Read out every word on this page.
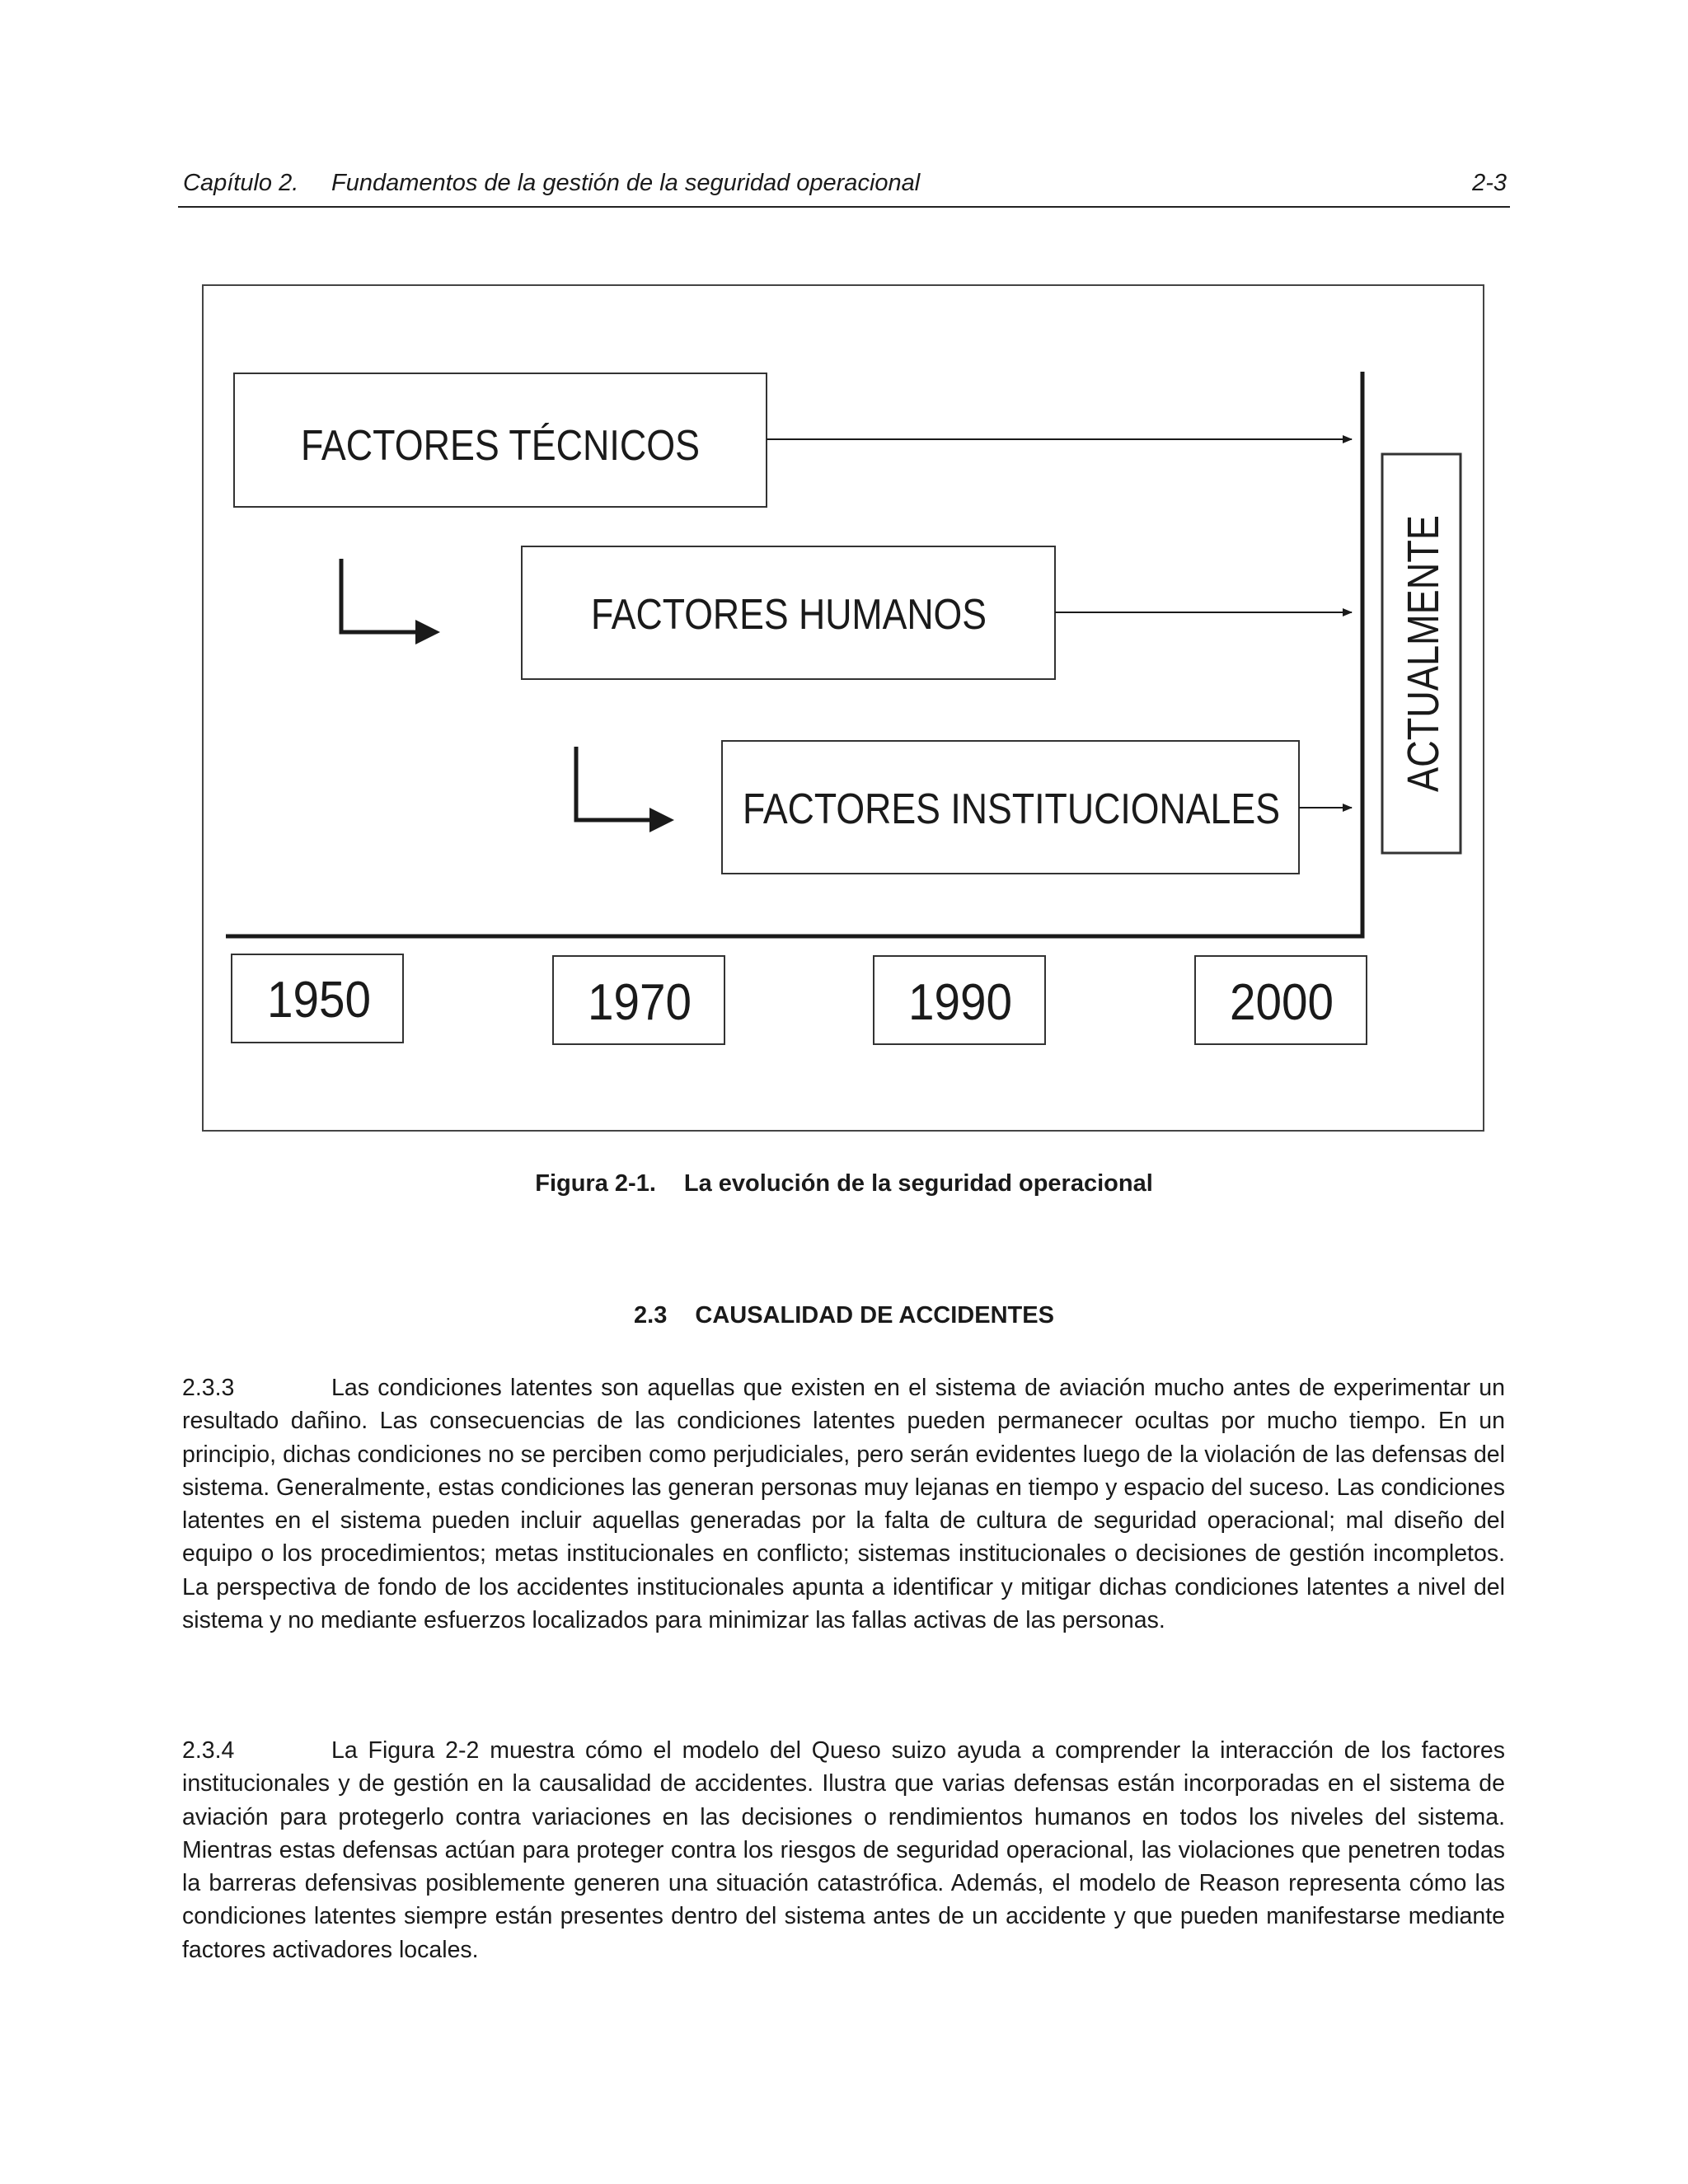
Capítulo 2. Fundamentos de la gestión de la seguridad operacional	2-3
FACTORES TÉCNICOS
FACTORES HUMANOS
FACTORES INSTITUCIONALES
ACTUALMENTE
1950	1970	1990	2000
Figura 2-1. La evolución de la seguridad operacional
2.3 CAUSALIDAD DE ACCIDENTES
2.3.3	Las condiciones latentes son aquellas que existen en el sistema de aviación mucho antes de experimentar un resultado dañino. Las consecuencias de las condiciones latentes pueden permanecer ocultas por mucho tiempo. En un principio, dichas condiciones no se perciben como perjudiciales, pero serán evidentes luego de la violación de las defensas del sistema. Generalmente, estas condiciones las generan personas muy lejanas en tiempo y espacio del suceso. Las condiciones latentes en el sistema pueden incluir aquellas generadas por la falta de cultura de seguridad operacional; mal diseño del equipo o los procedimientos; metas institucionales en conflicto; sistemas institucionales o decisiones de gestión incompletos. La perspectiva de fondo de los accidentes institucionales apunta a identificar y mitigar dichas condiciones latentes a nivel del sistema y no mediante esfuerzos localizados para minimizar las fallas activas de las personas.
2.3.4	La Figura 2-2 muestra cómo el modelo del Queso suizo ayuda a comprender la interacción de los factores institucionales y de gestión en la causalidad de accidentes. Ilustra que varias defensas están incorporadas en el sistema de aviación para protegerlo contra variaciones en las decisiones o rendimientos humanos en todos los niveles del sistema. Mientras estas defensas actúan para proteger contra los riesgos de seguridad operacional, las violaciones que penetren todas la barreras defensivas posiblemente generen una situación catastrófica. Además, el modelo de Reason representa cómo las condiciones latentes siempre están presentes dentro del sistema antes de un accidente y que pueden manifestarse mediante factores activadores locales.
